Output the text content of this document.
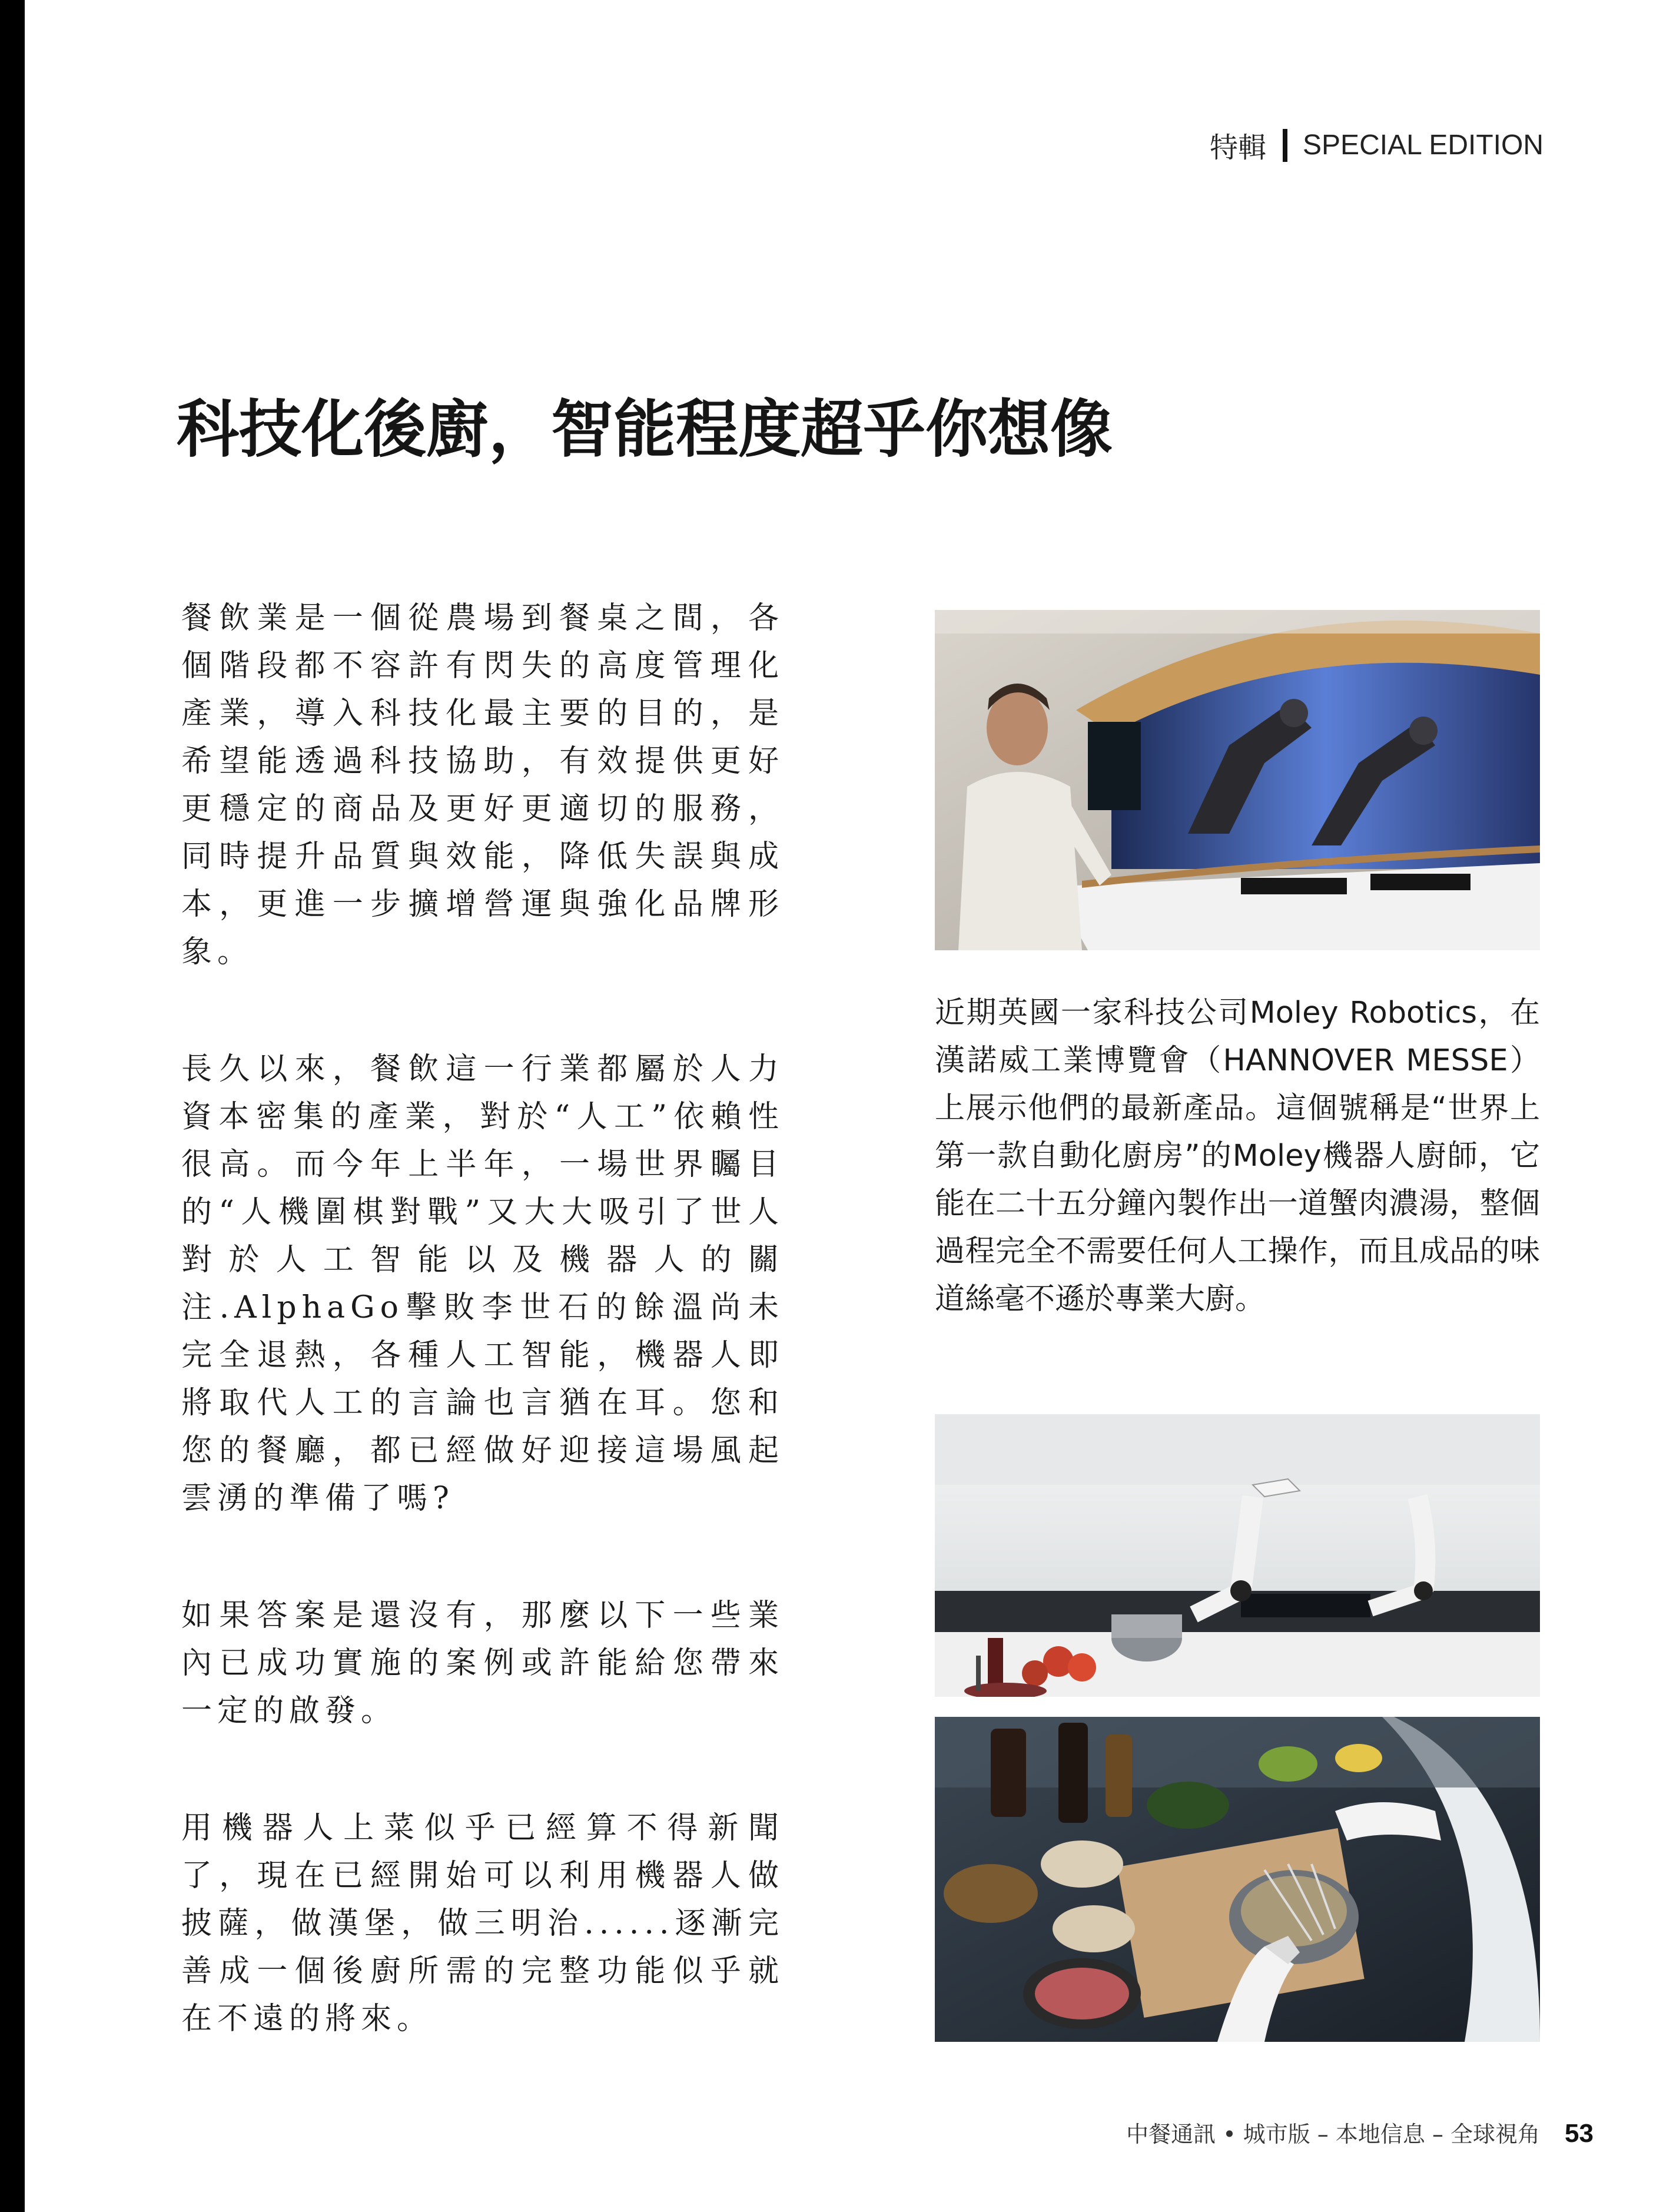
特輯 SPECIAL EDITION
科技化後廚，智能程度超乎你想像

餐飲業是一個從農場到餐桌之間，各個階段都不容許有閃失的高度管理化產業，導入科技化最主要的目的，是希望能透過科技協助，有效提供更好更穩定的商品及更好更適切的服務，同時提升品質與效能，降低失誤與成本，更進一步擴增營運與強化品牌形象。

長久以來，餐飲這一行業都屬於人力資本密集的產業，對於“人工”依賴性很高。而今年上半年，一場世界矚目的“人機圍棋對戰”又大大吸引了世人對於人工智能以及機器人的關注.AlphaGo擊敗李世石的餘溫尚未完全退熱，各種人工智能，機器人即將取代人工的言論也言猶在耳。您和您的餐廳，都已經做好迎接這場風起雲湧的準備了嗎?

如果答案是還沒有，那麼以下一些業內已成功實施的案例或許能給您帶來一定的啟發。

用機器人上菜似乎已經算不得新聞了，現在已經開始可以利用機器人做披薩，做漢堡，做三明治......逐漸完善成一個後廚所需的完整功能似乎就在不遠的將來。

近期英國一家科技公司Moley Robotics，在漢諾威工業博覽會（HANNOVER MESSE）上展示他們的最新產品。這個號稱是“世界上第一款自動化廚房”的Moley機器人廚師，它能在二十五分鐘內製作出一道蟹肉濃湯，整個過程完全不需要任何人工操作，而且成品的味道絲毫不遜於專業大廚。

中餐通訊 • 城市版 – 本地信息 – 全球視角 53
